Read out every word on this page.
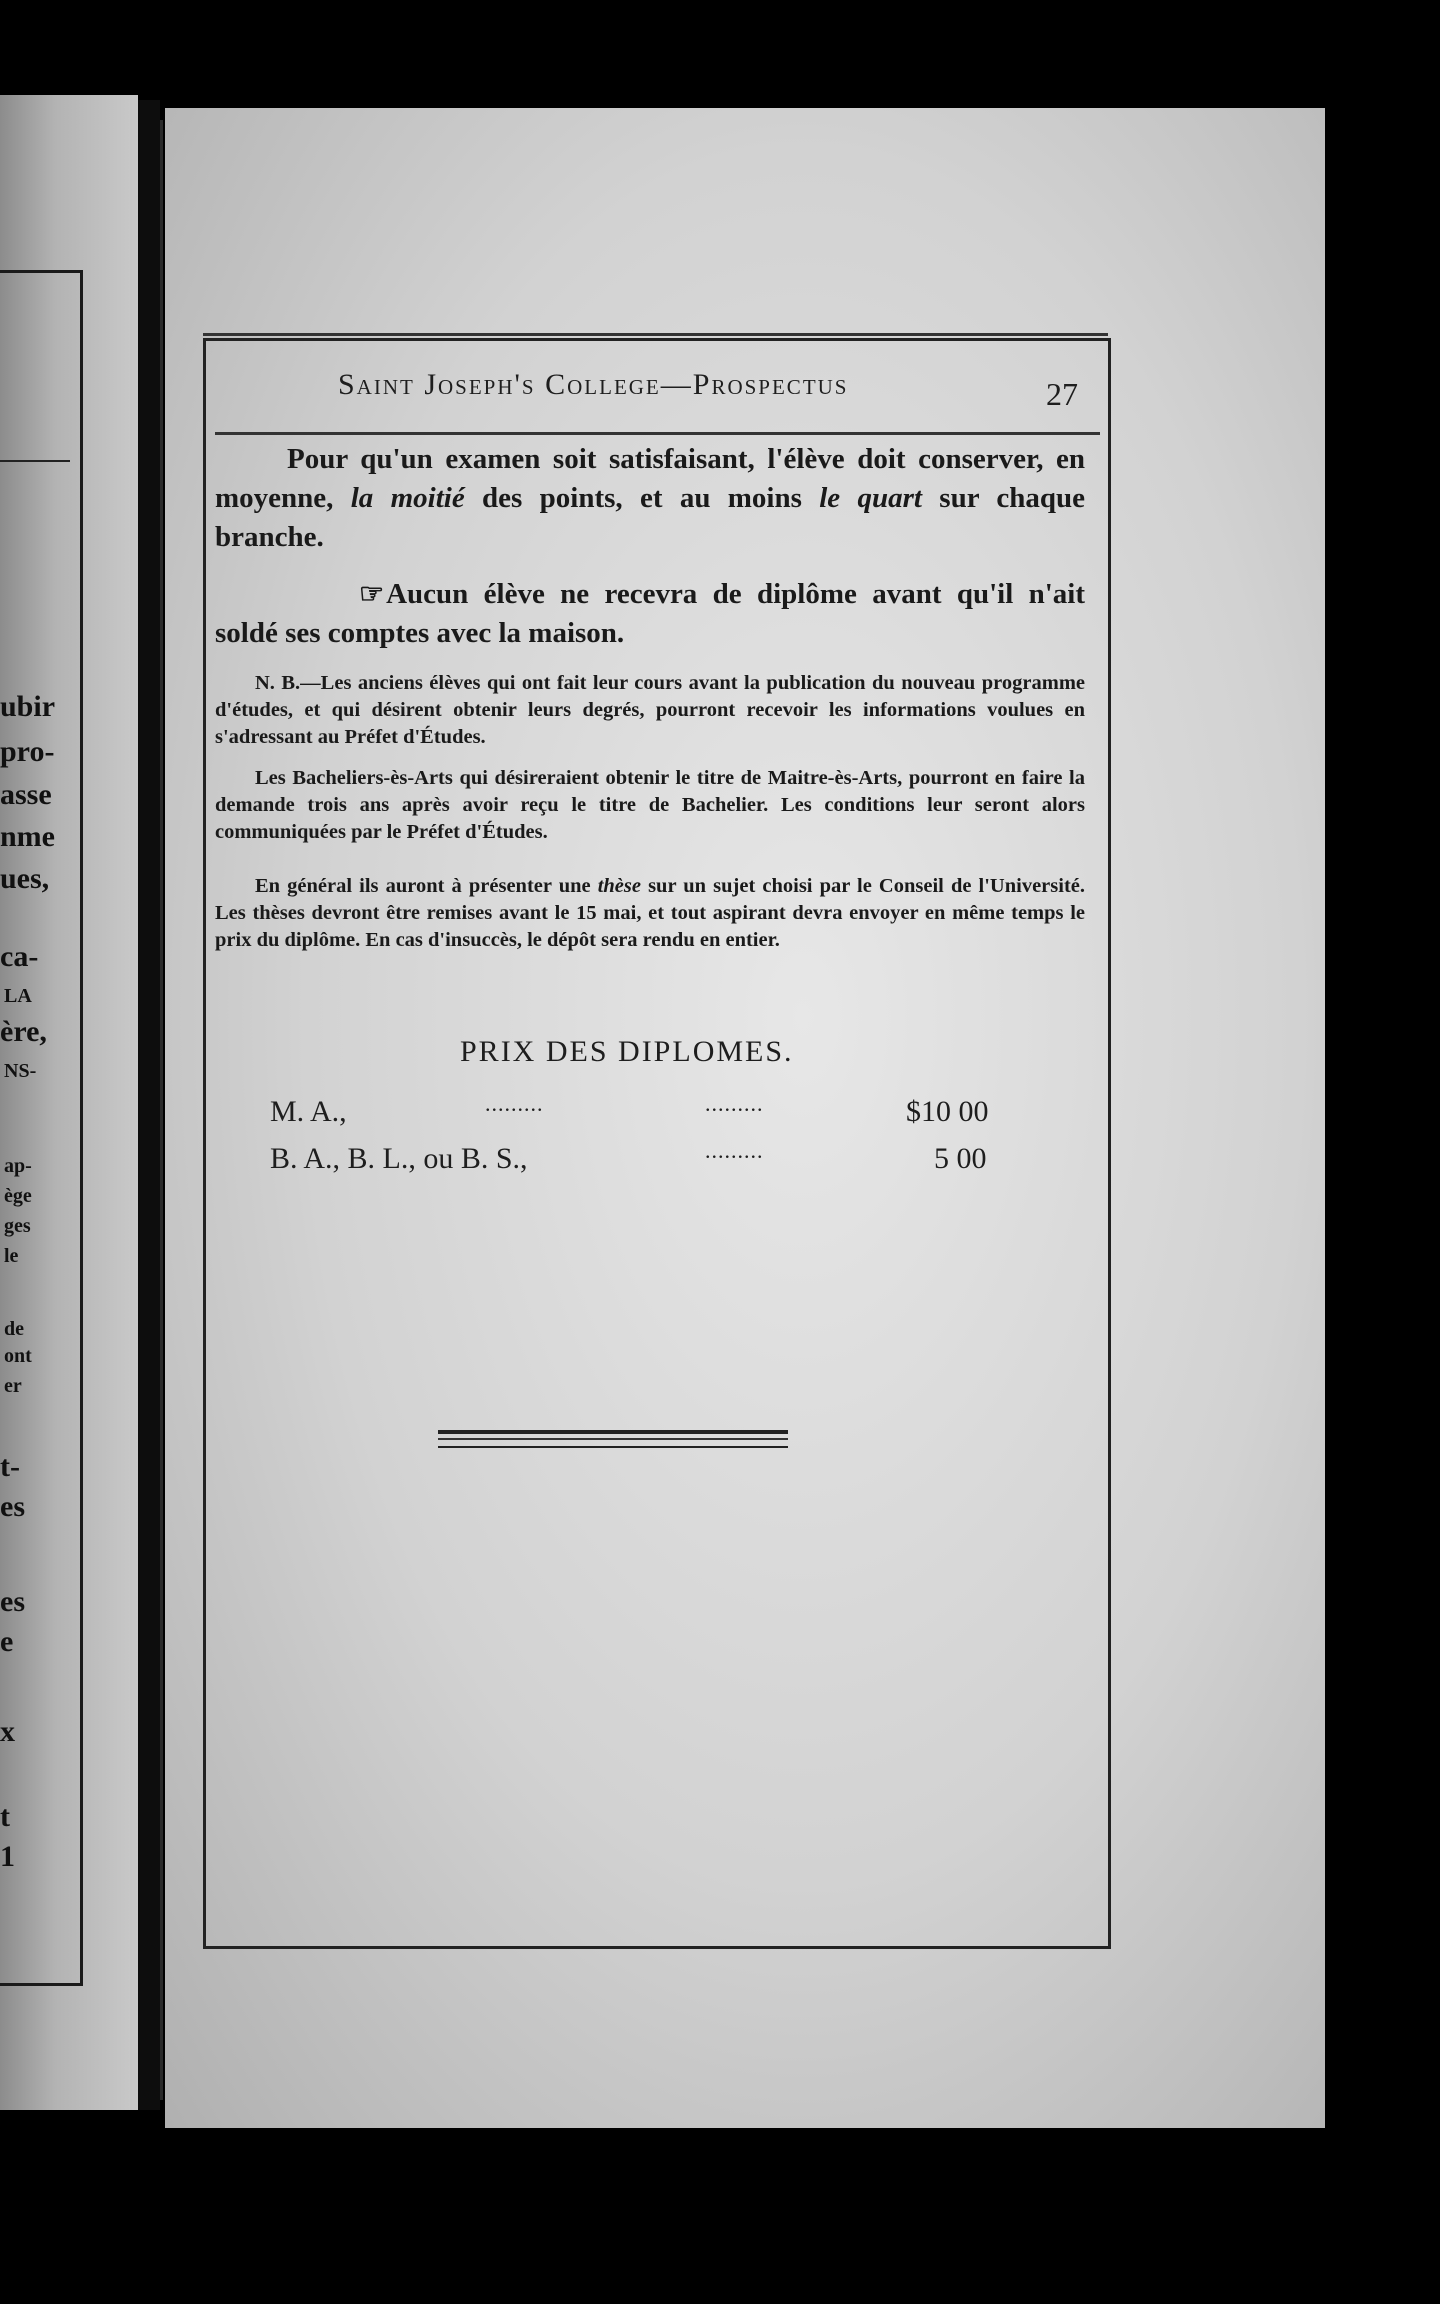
ubir
pro-
asse
nme
ues,
ca-
LA
ère,
NS-
ap-
ège
ges
le
de
ont
er
t-
es
es
e
x
t
1
Saint Joseph's College—Prospectus	27

Pour qu'un examen soit satisfaisant, l'élève doit conserver, en moyenne, la moitié des points, et au moins le quart sur chaque branche.

☞Aucun élève ne recevra de diplôme avant qu'il n'ait soldé ses comptes avec la maison.

N. B.—Les anciens élèves qui ont fait leur cours avant la publication du nouveau programme d'études, et qui désirent obtenir leurs degrés, pourront recevoir les informations voulues en s'adressant au Préfet d'Études.

Les Bacheliers-ès-Arts qui désireraient obtenir le titre de Maitre-ès-Arts, pourront en faire la demande trois ans après avoir reçu le titre de Bachelier. Les conditions leur seront alors communiquées par le Préfet d'Études.

En général ils auront à présenter une thèse sur un sujet choisi par le Conseil de l'Université. Les thèses devront être remises avant le 15 mai, et tout aspirant devra envoyer en même temps le prix du diplôme. En cas d'insuccès, le dépôt sera rendu en entier.

PRIX DES DIPLOMES.
M. A.,	.........	.........	$10 00
B. A., B. L., ou B. S.,	.........	5 00
